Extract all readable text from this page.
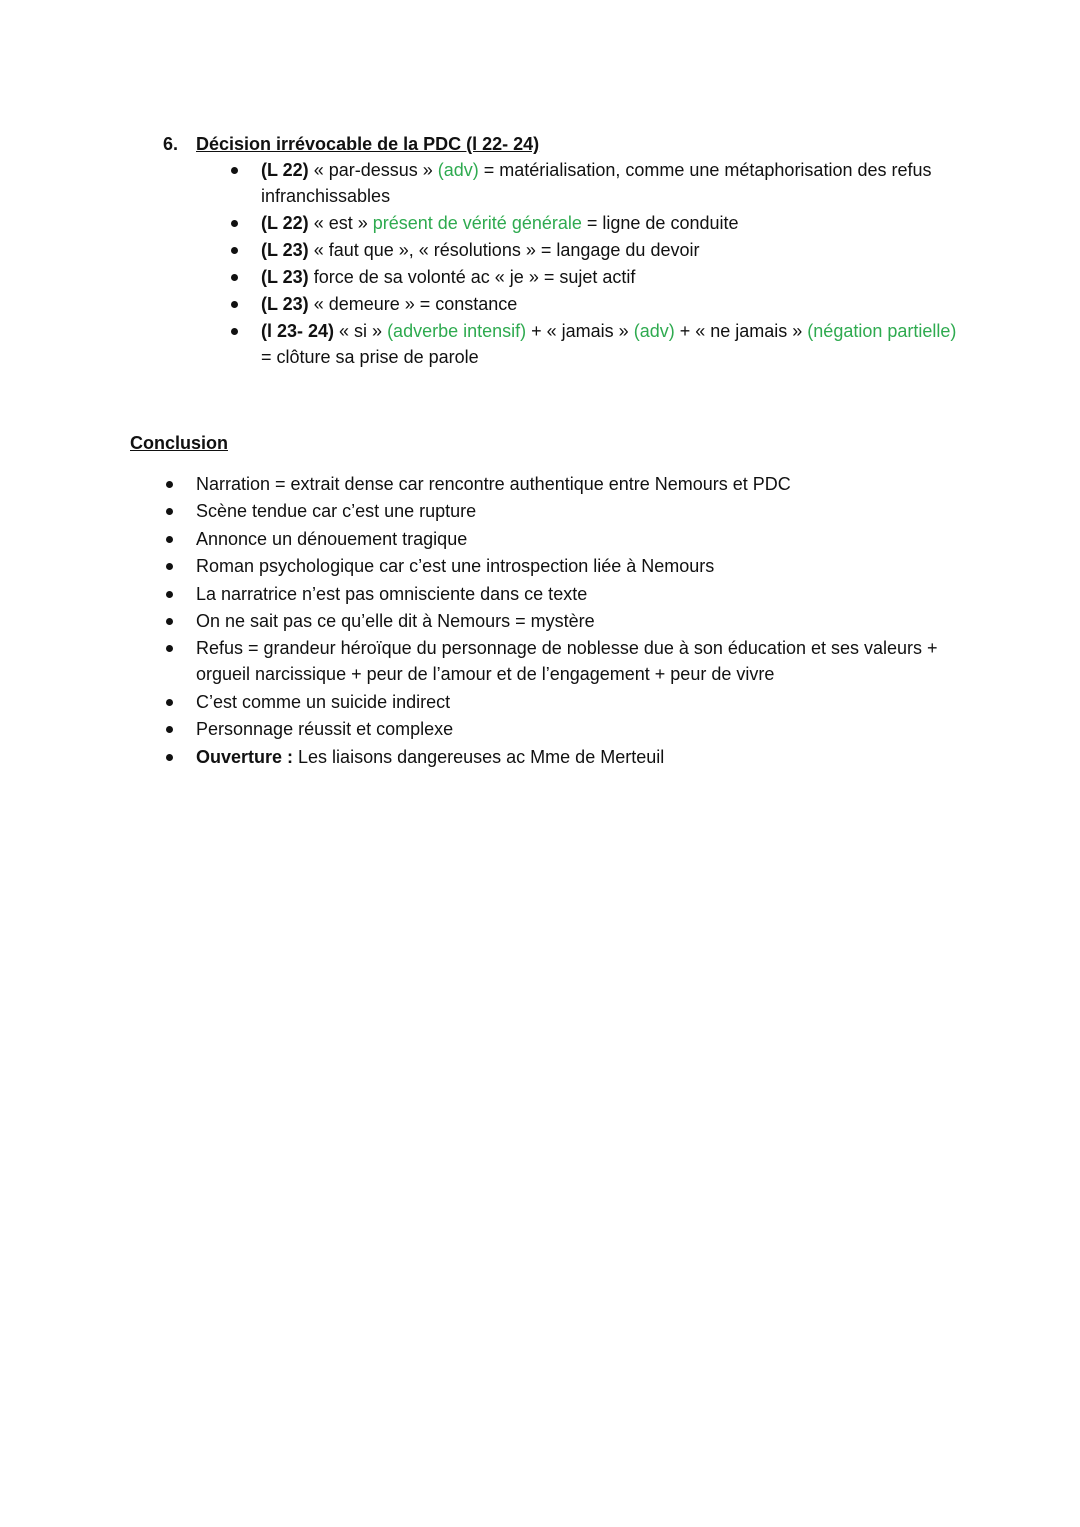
6. Décision irrévocable de la PDC (l 22- 24)
(L 22) « par-dessus » (adv) = matérialisation, comme une métaphorisation des refus infranchissables
(L 22) « est » présent de vérité générale = ligne de conduite
(L 23) « faut que », « résolutions » = langage du devoir
(L 23) force de sa volonté ac « je » = sujet actif
(L 23) « demeure » = constance
(l 23- 24) « si » (adverbe intensif) + « jamais » (adv) + « ne jamais » (négation partielle) = clôture sa prise de parole
Conclusion
Narration = extrait dense car rencontre authentique entre Nemours et PDC
Scène tendue car c’est une rupture
Annonce un dénouement tragique
Roman psychologique car c’est une introspection liée à Nemours
La narratrice n’est pas omnisciente dans ce texte
On ne sait pas ce qu’elle dit à Nemours = mystère
Refus = grandeur héroïque du personnage de noblesse due à son éducation et ses valeurs + orgueil narcissique + peur de l’amour et de l’engagement + peur de vivre
C’est comme un suicide indirect
Personnage réussit et complexe
Ouverture : Les liaisons dangereuses ac Mme de Merteuil
